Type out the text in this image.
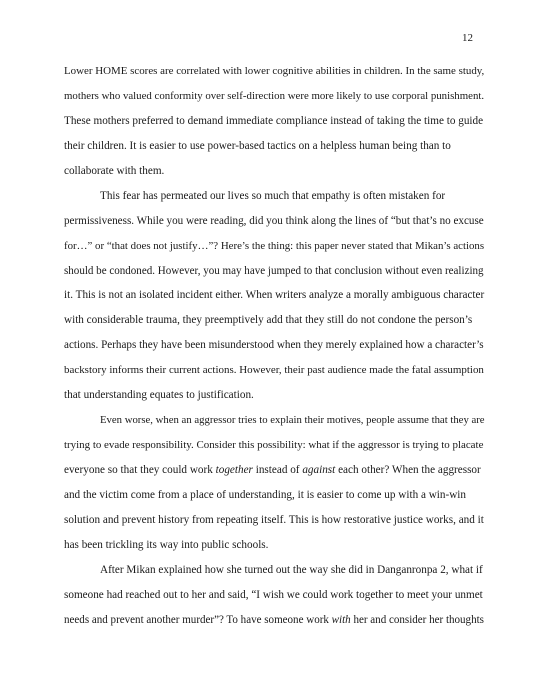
12
Lower HOME scores are correlated with lower cognitive abilities in children. In the same study,
mothers who valued conformity over self-direction were more likely to use corporal punishment.
These mothers preferred to demand immediate compliance instead of taking the time to guide
their children. It is easier to use power-based tactics on a helpless human being than to
collaborate with them.
This fear has permeated our lives so much that empathy is often mistaken for
permissiveness. While you were reading, did you think along the lines of “but that’s no excuse
for…” or “that does not justify…”? Here’s the thing: this paper never stated that Mikan’s actions
should be condoned. However, you may have jumped to that conclusion without even realizing
it. This is not an isolated incident either. When writers analyze a morally ambiguous character
with considerable trauma, they preemptively add that they still do not condone the person’s
actions. Perhaps they have been misunderstood when they merely explained how a character’s
backstory informs their current actions. However, their past audience made the fatal assumption
that understanding equates to justification.
Even worse, when an aggressor tries to explain their motives, people assume that they are
trying to evade responsibility. Consider this possibility: what if the aggressor is trying to placate
everyone so that they could work together instead of against each other? When the aggressor
and the victim come from a place of understanding, it is easier to come up with a win-win
solution and prevent history from repeating itself. This is how restorative justice works, and it
has been trickling its way into public schools.
After Mikan explained how she turned out the way she did in Danganronpa 2, what if
someone had reached out to her and said, “I wish we could work together to meet your unmet
needs and prevent another murder”? To have someone work with her and consider her thoughts
